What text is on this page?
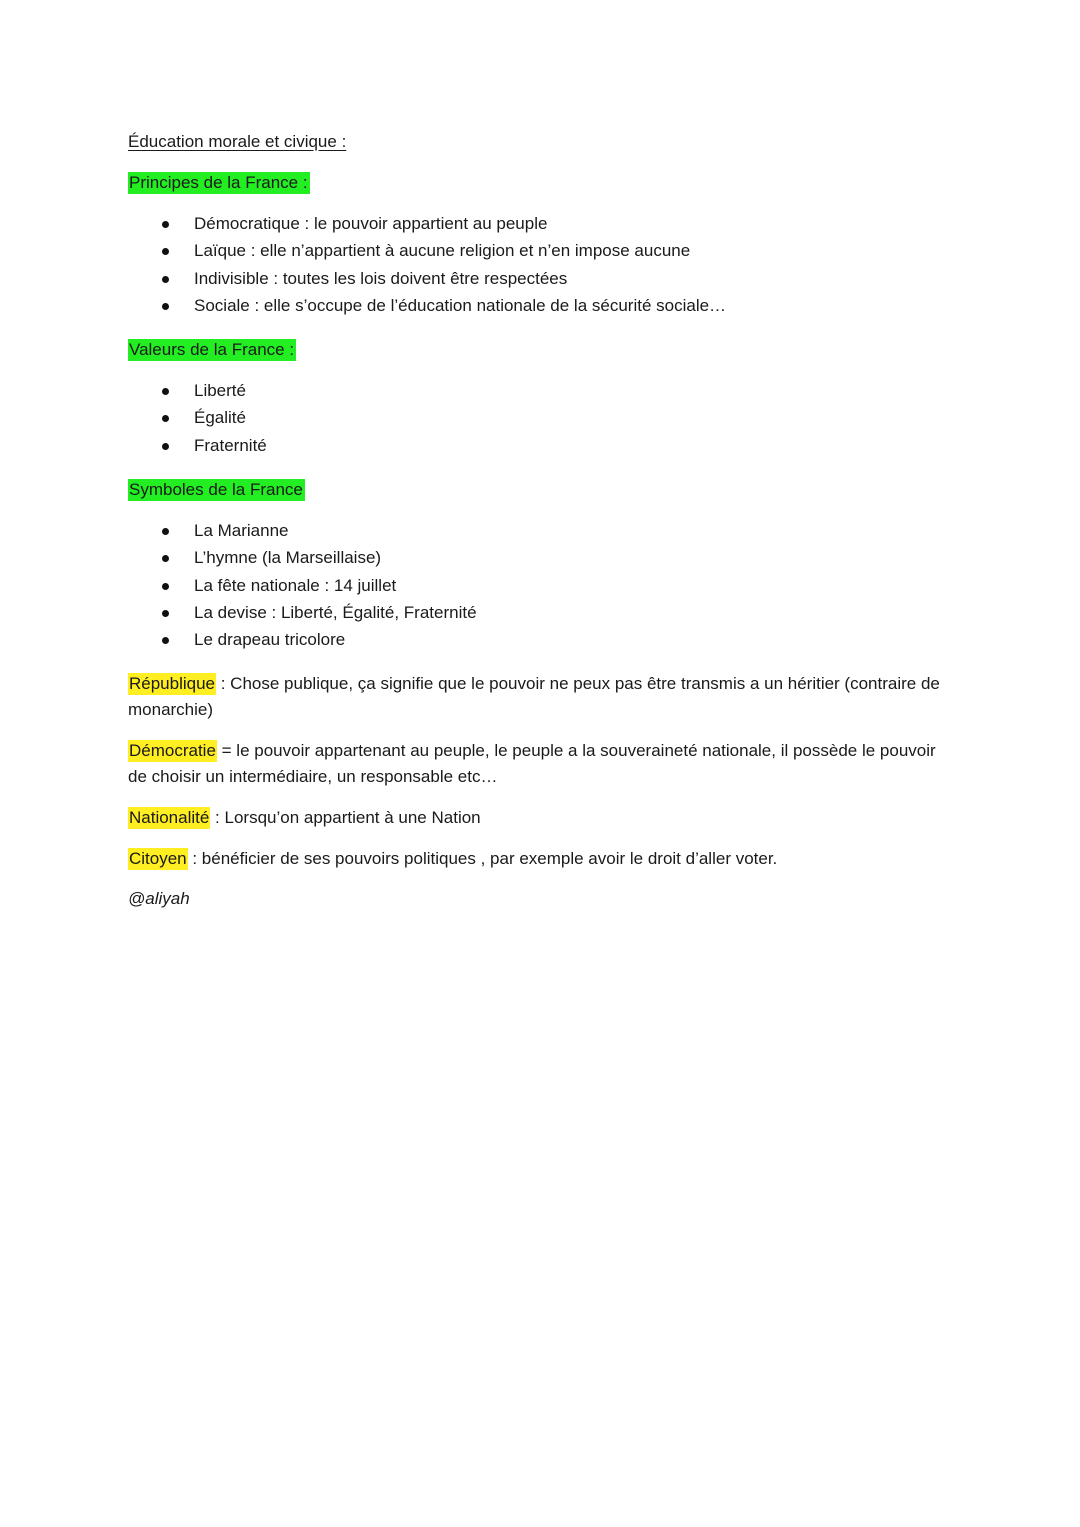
Éducation morale et civique :
Principes de la France :
Démocratique : le pouvoir appartient au peuple
Laïque : elle n’appartient à aucune religion et n’en impose aucune
Indivisible : toutes les lois doivent être respectées
Sociale : elle s’occupe de l’éducation nationale de la sécurité sociale…
Valeurs de la France :
Liberté
Égalité
Fraternité
Symboles de la France
La Marianne
L’hymne (la Marseillaise)
La fête nationale : 14 juillet
La devise : Liberté, Égalité, Fraternité
Le drapeau tricolore
République : Chose publique, ça signifie que le pouvoir ne peux pas être transmis a un héritier (contraire de monarchie)
Démocratie = le pouvoir appartenant au peuple, le peuple a la souveraineté nationale, il possède le pouvoir de choisir un intermédiaire, un responsable etc…
Nationalité : Lorsqu’on appartient à une Nation
Citoyen : bénéficier de ses pouvoirs politiques , par exemple avoir le droit d’aller voter.
@aliyah
